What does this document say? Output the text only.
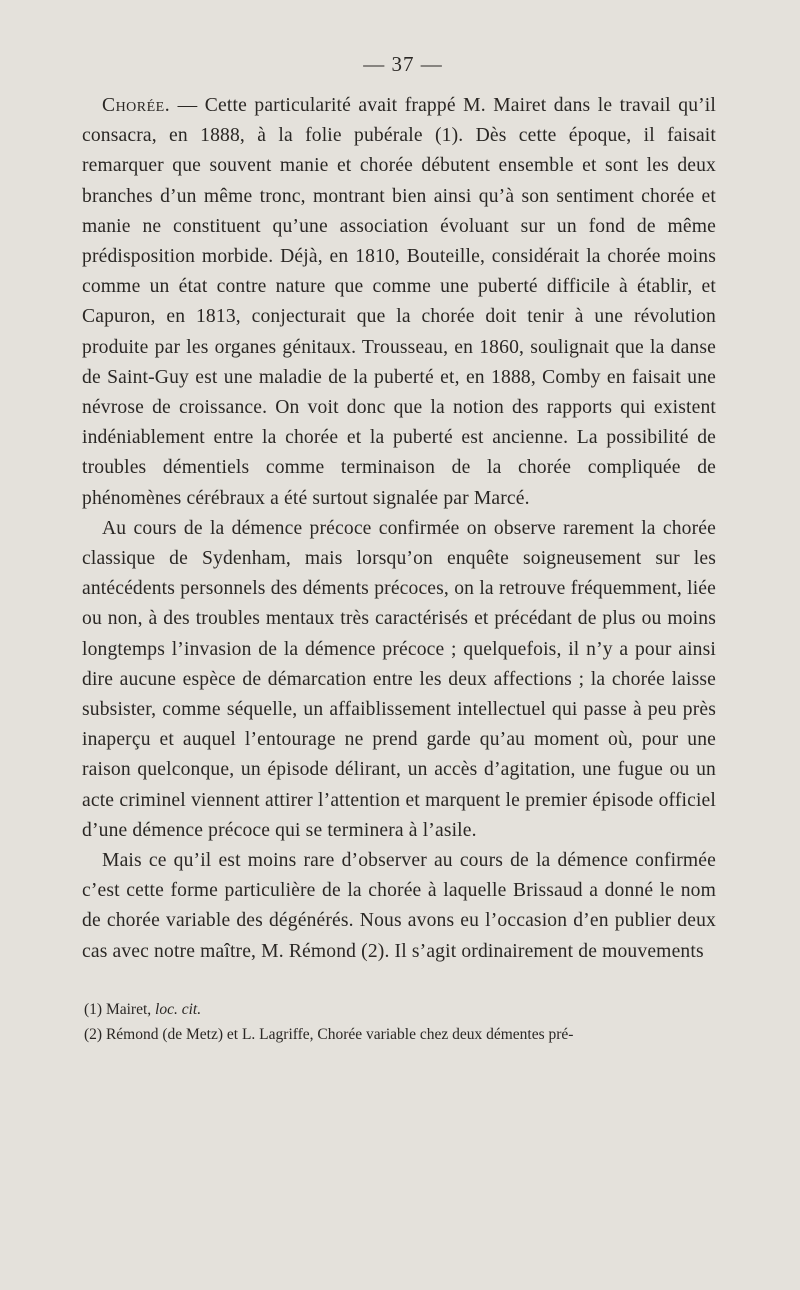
— 37 —

Chorée. — Cette particularité avait frappé M. Mairet dans le travail qu’il consacra, en 1888, à la folie pubérale (1). Dès cette époque, il faisait remarquer que souvent manie et chorée débutent ensemble et sont les deux branches d’un même tronc, montrant bien ainsi qu’à son sentiment chorée et manie ne constituent qu’une association évoluant sur un fond de même prédisposition morbide. Déjà, en 1810, Bouteille, considérait la chorée moins comme un état contre nature que comme une puberté difficile à établir, et Capuron, en 1813, conjecturait que la chorée doit tenir à une révolution produite par les organes génitaux. Trousseau, en 1860, soulignait que la danse de Saint-Guy est une maladie de la puberté et, en 1888, Comby en faisait une névrose de croissance. On voit donc que la notion des rapports qui existent indéniablement entre la chorée et la puberté est ancienne. La possibilité de troubles démentiels comme terminaison de la chorée compliquée de phénomènes cérébraux a été surtout signalée par Marcé.

Au cours de la démence précoce confirmée on observe rarement la chorée classique de Sydenham, mais lorsqu’on enquête soigneusement sur les antécédents personnels des déments précoces, on la retrouve fréquemment, liée ou non, à des troubles mentaux très caractérisés et précédant de plus ou moins longtemps l’invasion de la démence précoce ; quelquefois, il n’y a pour ainsi dire aucune espèce de démarcation entre les deux affections ; la chorée laisse subsister, comme séquelle, un affaiblissement intellectuel qui passe à peu près inaperçu et auquel l’entourage ne prend garde qu’au moment où, pour une raison quelconque, un épisode délirant, un accès d’agitation, une fugue ou un acte criminel viennent attirer l’attention et marquent le premier épisode officiel d’une démence précoce qui se terminera à l’asile.

Mais ce qu’il est moins rare d’observer au cours de la démence confirmée c’est cette forme particulière de la chorée à laquelle Brissaud a donné le nom de chorée variable des dégénérés. Nous avons eu l’occasion d’en publier deux cas avec notre maître, M. Rémond (2). Il s’agit ordinairement de mouvements

(1) Mairet, loc. cit.

(2) Rémond (de Metz) et L. Lagriffe, Chorée variable chez deux démentes pré-
